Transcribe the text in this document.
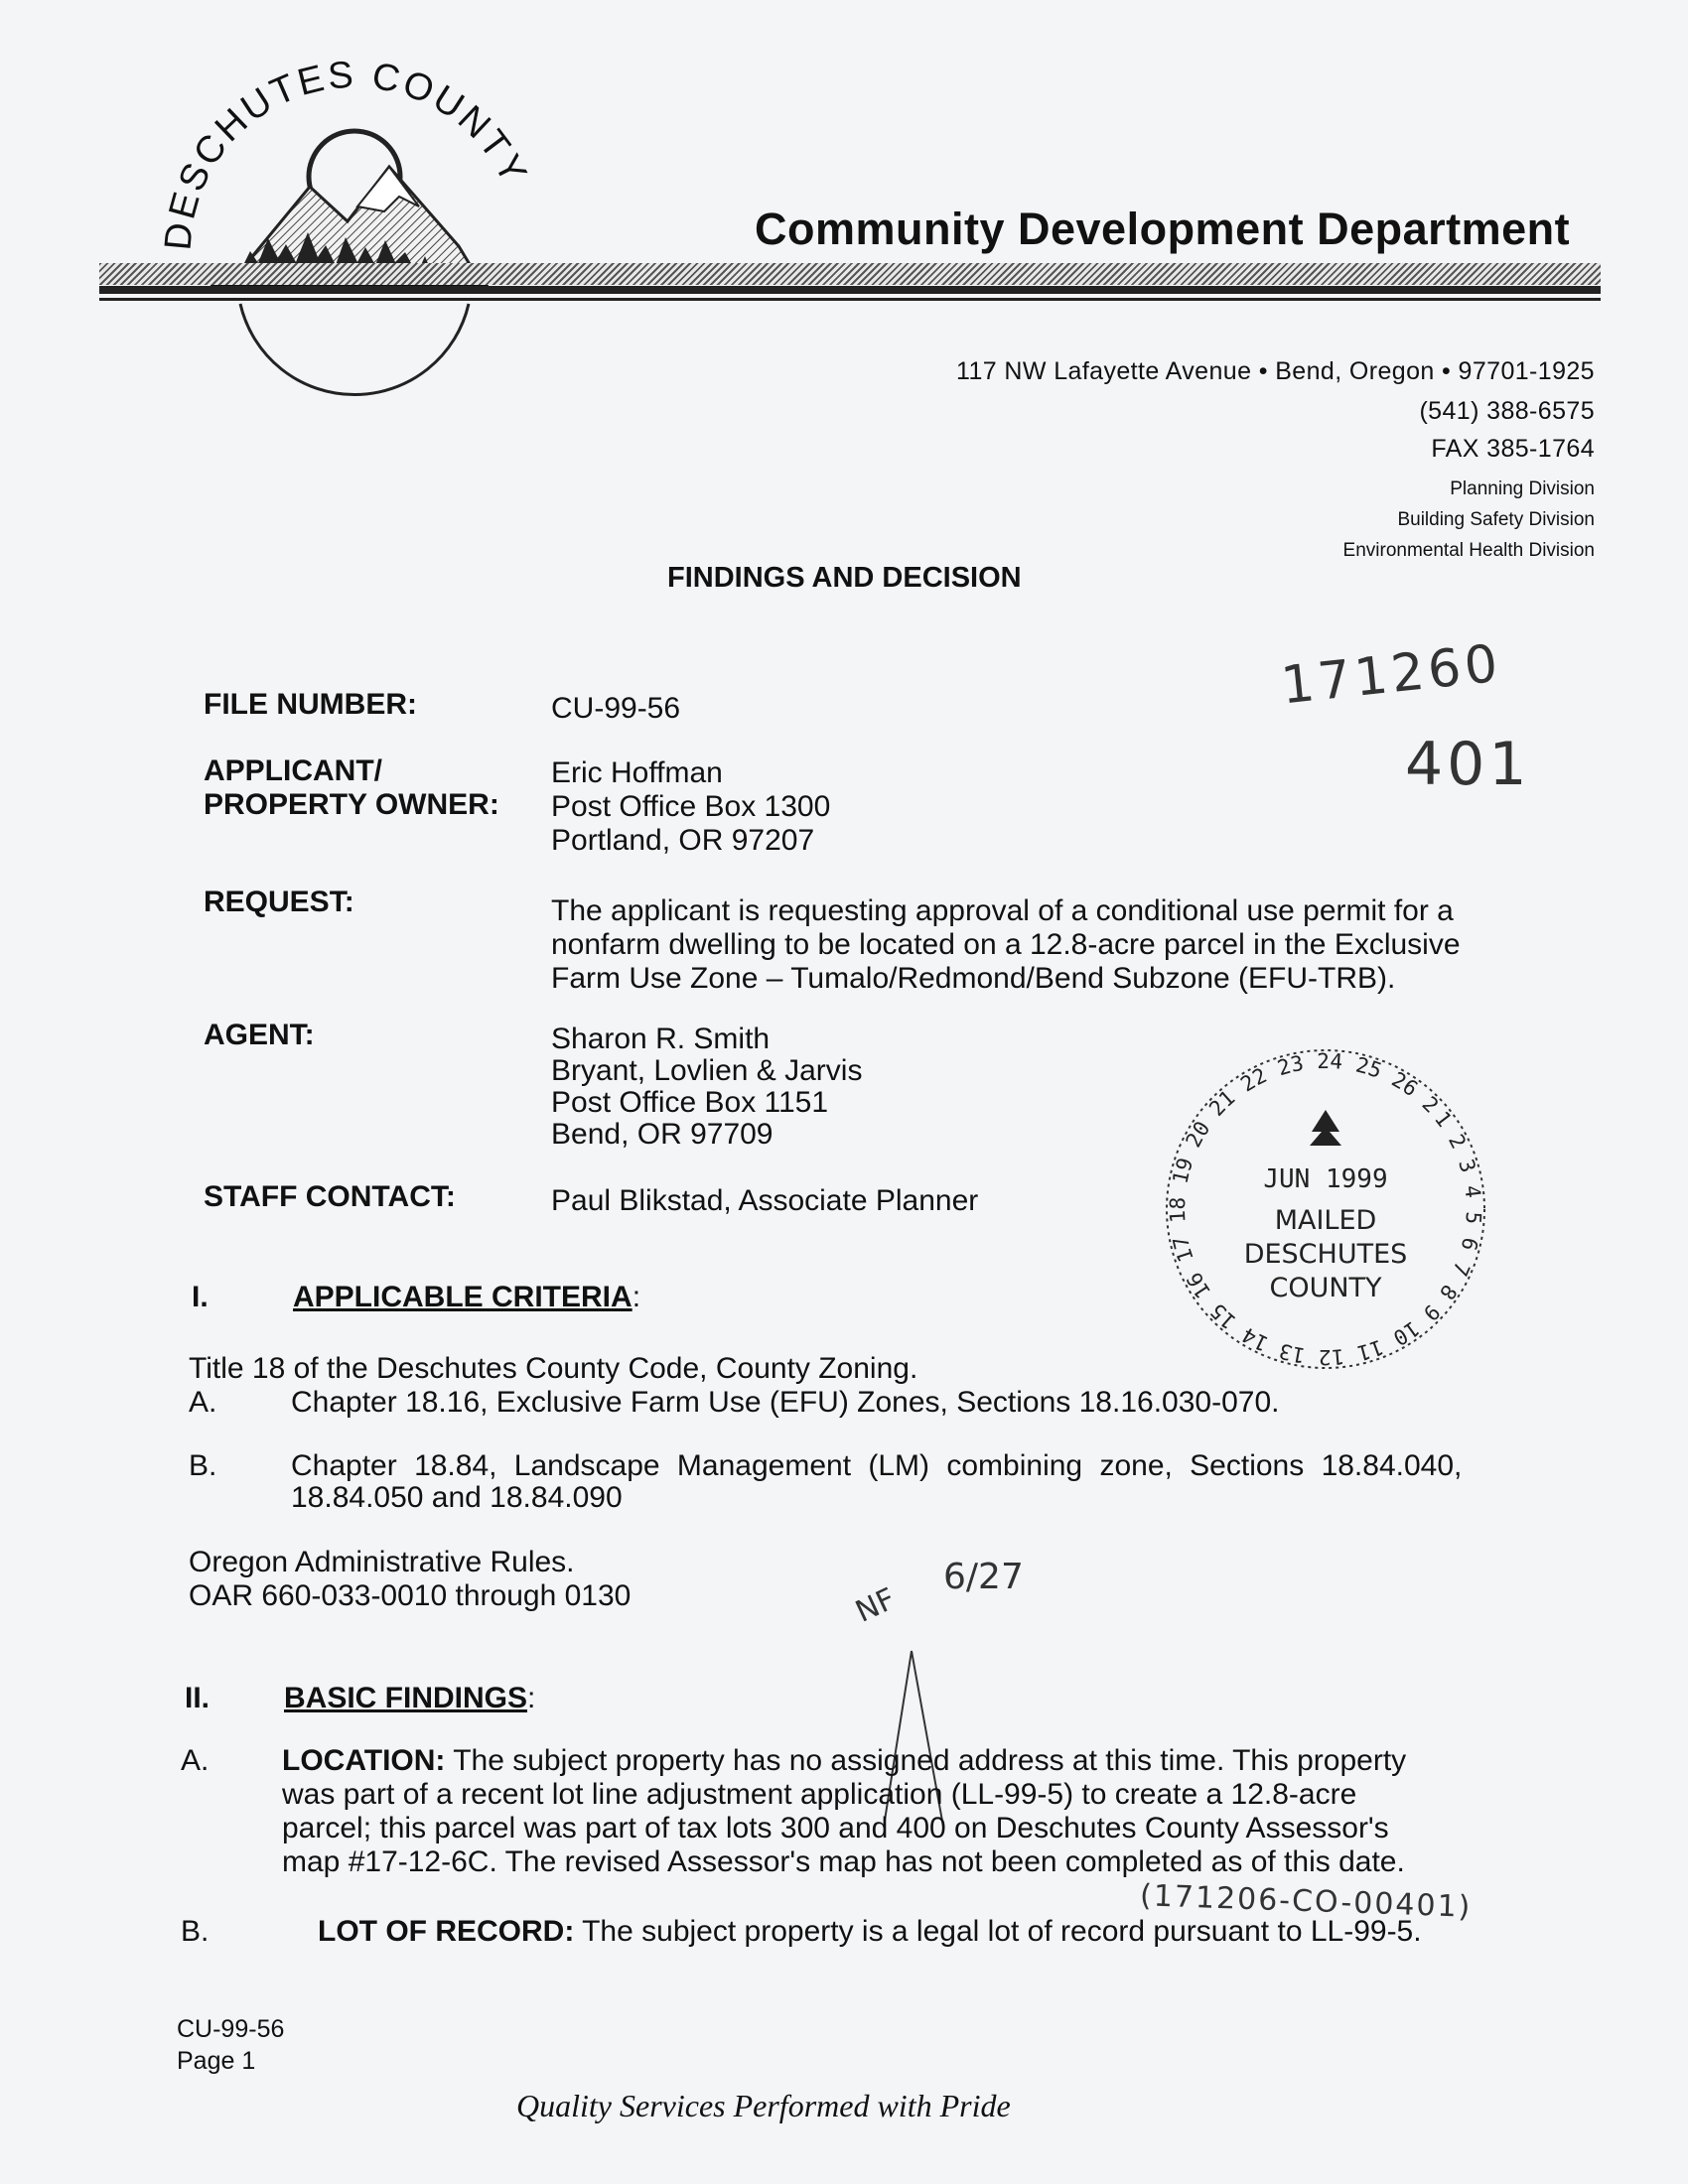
DESCHUTES COUNTY
Community Development Department
117 NW Lafayette Avenue • Bend, Oregon • 97701-1925
(541) 388-6575
FAX 385-1764
Planning Division
Building Safety Division
Environmental Health Division
FINDINGS AND DECISION
171260
401
FILE NUMBER:	CU-99-56
APPLICANT/
PROPERTY OWNER:
Eric Hoffman
Post Office Box 1300
Portland, OR 97207
REQUEST:	The applicant is requesting approval of a conditional use permit for a
nonfarm dwelling to be located on a 12.8-acre parcel in the Exclusive
Farm Use Zone – Tumalo/Redmond/Bend Subzone (EFU-TRB).
AGENT:	Sharon R. Smith
Bryant, Lovlien & Jarvis
Post Office Box 1151
Bend, OR 97709
STAFF CONTACT:	Paul Blikstad, Associate Planner
1 2 3 4 5 6 7 8 9 10 11 12 13 14 15 16 17 18 19 20 21 22 23 24 25 26 27
JUN 1999
MAILED
DESCHUTES
COUNTY
I.	APPLICABLE CRITERIA:
Title 18 of the Deschutes County Code, County Zoning.
A. Chapter 18.16, Exclusive Farm Use (EFU) Zones, Sections 18.16.030-070.
B. Chapter 18.84, Landscape Management (LM) combining zone, Sections 18.84.040,
18.84.050 and 18.84.090
Oregon Administrative Rules.
OAR 660-033-0010 through 0130	NF
6/27
II. BASIC FINDINGS:
A. LOCATION: The subject property has no assigned address at this time. This property
was part of a recent lot line adjustment application (LL-99-5) to create a 12.8-acre
parcel; this parcel was part of tax lots 300 and 400 on Deschutes County Assessor's
map #17-12-6C. The revised Assessor's map has not been completed as of this date.
(171206-CO-00401)
B.	LOT OF RECORD: The subject property is a legal lot of record pursuant to LL-99-5.
CU-99-56
Page 1
Quality Services Performed with Pride
